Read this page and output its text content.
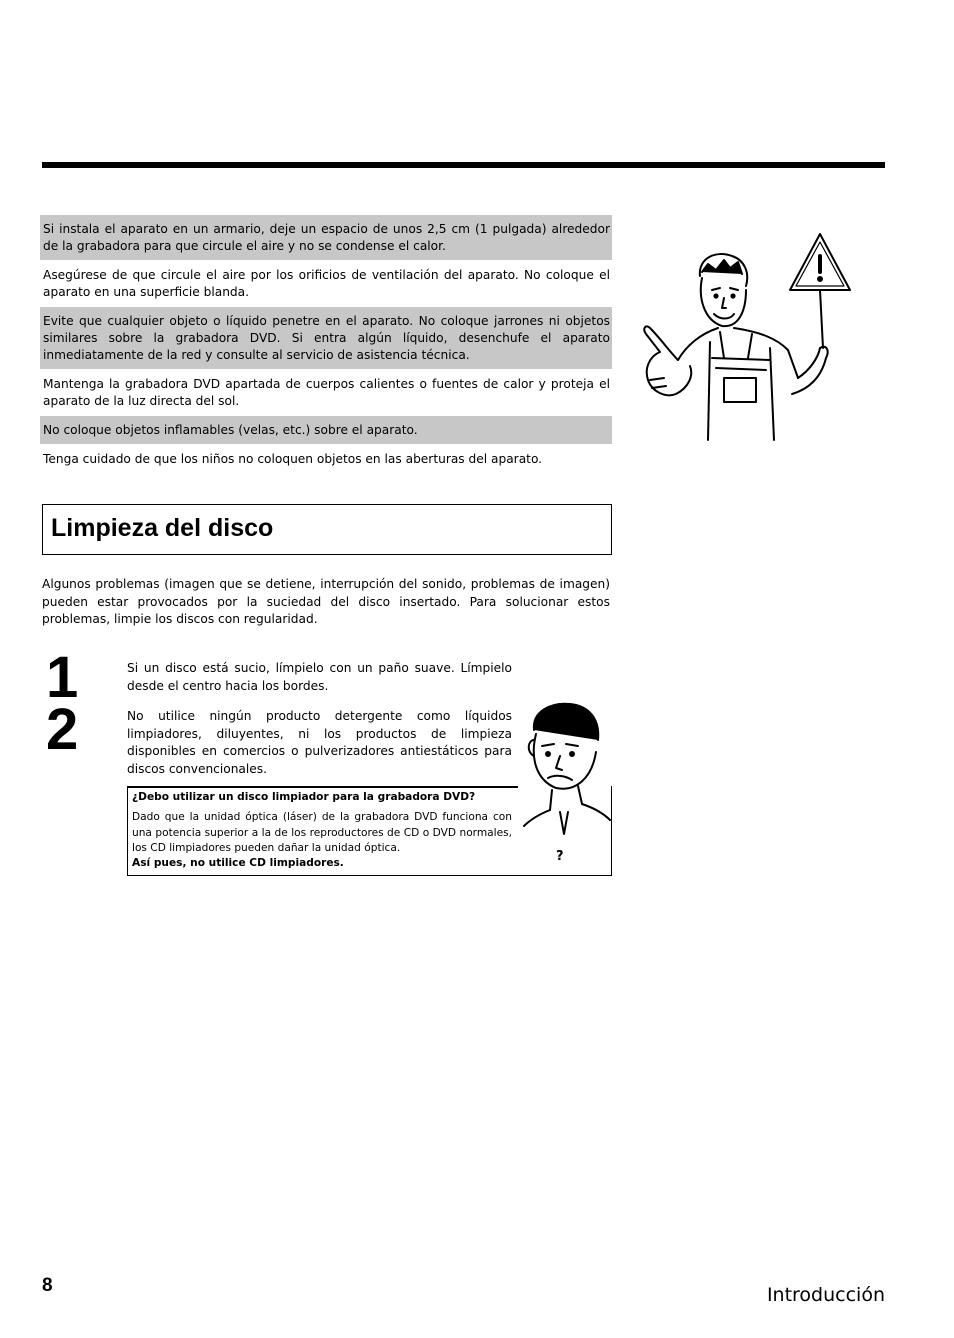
Si instala el aparato en un armario, deje un espacio de unos 2,5 cm (1 pulgada) alrededor de la grabadora para que circule el aire y no se condense el calor.
Asegúrese de que circule el aire por los orificios de ventilación del aparato. No coloque el aparato en una superficie blanda.
Evite que cualquier objeto o líquido penetre en el aparato. No coloque jarrones ni objetos similares sobre la grabadora DVD. Si entra algún líquido, desenchufe el aparato inmediatamente de la red y consulte al servicio de asistencia técnica.
Mantenga la grabadora DVD apartada de cuerpos calientes o fuentes de calor y proteja el aparato de la luz directa del sol.
No coloque objetos inflamables (velas, etc.) sobre el aparato.
Tenga cuidado de que los niños no coloquen objetos en las aberturas del aparato.
Limpieza del disco

Algunos problemas (imagen que se detiene, interrupción del sonido, problemas de imagen) pueden estar provocados por la suciedad del disco insertado. Para solucionar estos problemas, limpie los discos con regularidad.

1
2

Si un disco está sucio, límpielo con un paño suave. Límpielo desde el centro hacia los bordes.

No utilice ningún producto detergente como líquidos limpiadores, diluyentes, ni los productos de limpieza disponibles en comercios o pulverizadores antiestáticos para discos convencionales.

¿Debo utilizar un disco limpiador para la grabadora DVD?

Dado que la unidad óptica (láser) de la grabadora DVD funciona con una potencia superior a la de los reproductores de CD o DVD normales, los CD limpiadores pueden dañar la unidad óptica.

Así pues, no utilice CD limpiadores.	?
8	Introducción
